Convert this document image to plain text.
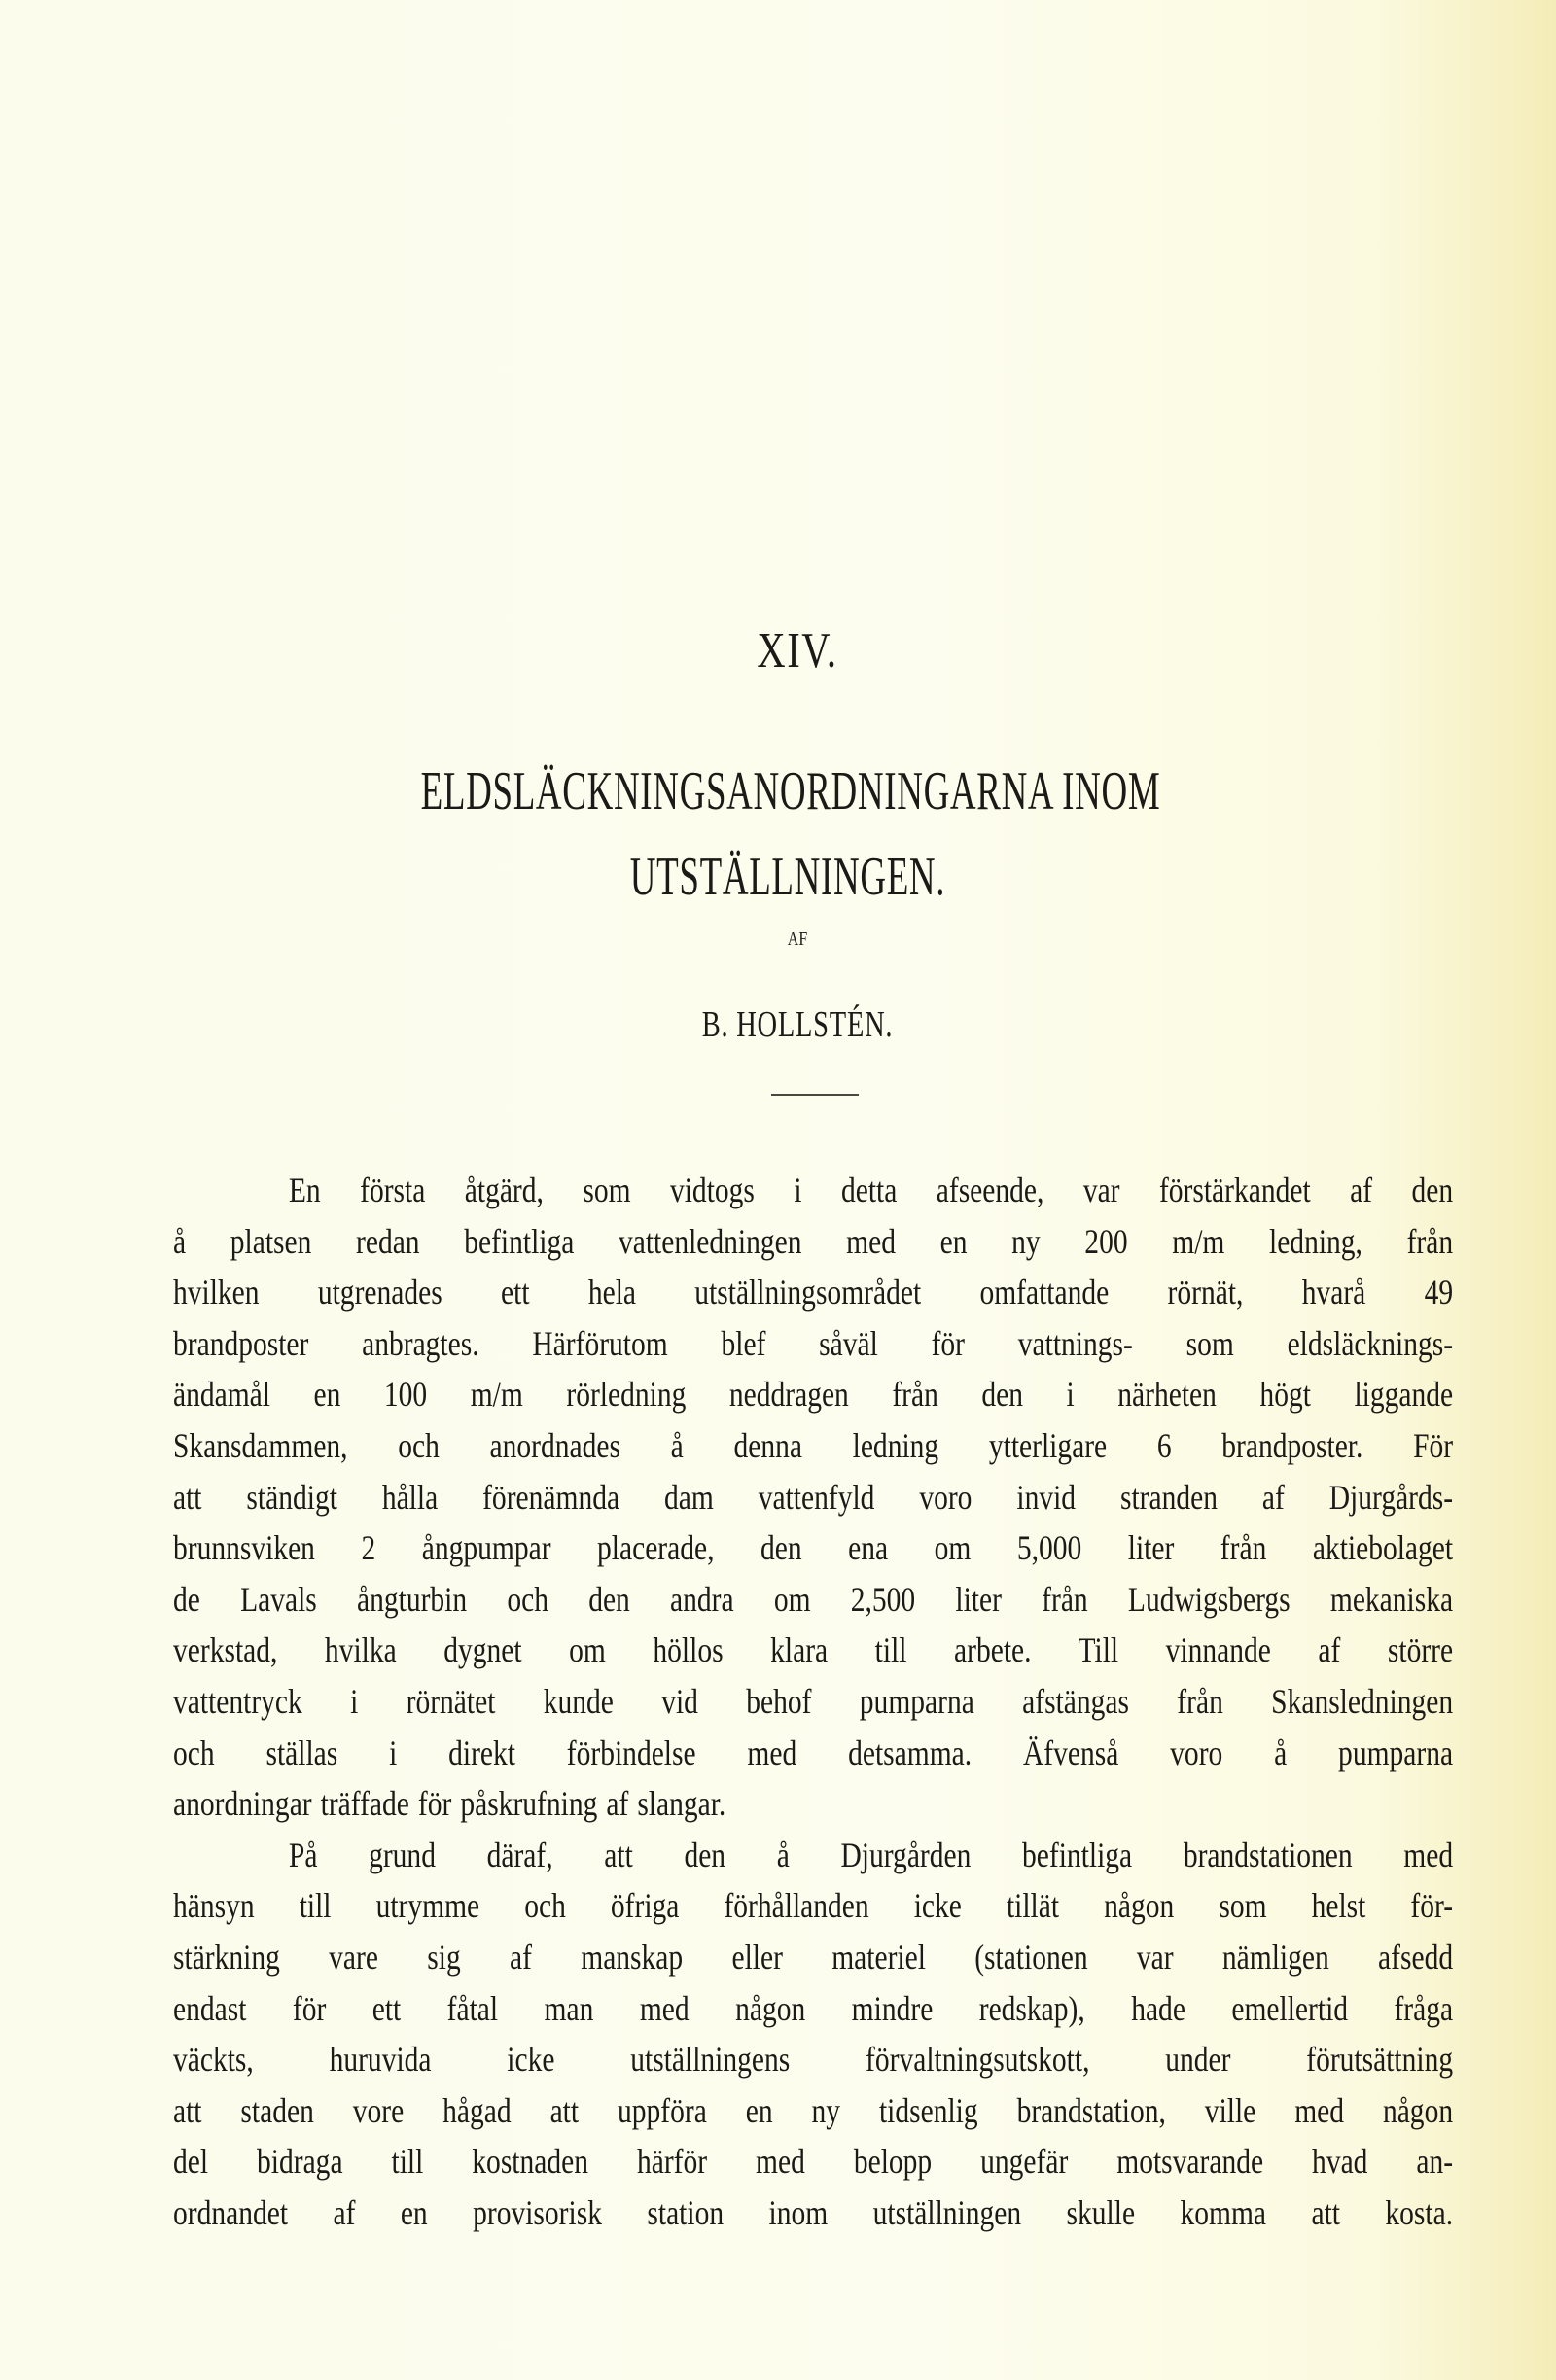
XIV.
ELDSLÄCKNINGSANORDNINGARNA INOM
UTSTÄLLNINGEN.
AF
B. HOLLSTÉN.
En första åtgärd, som vidtogs i detta afseende, var förstärkandet af den
å platsen redan befintliga vattenledningen med en ny 200 m/m ledning, från
hvilken utgrenades ett hela utställningsområdet omfattande rörnät, hvarå 49
brandposter anbragtes. Härförutom blef såväl för vattnings- som eldsläcknings-
ändamål en 100 m/m rörledning neddragen från den i närheten högt liggande
Skansdammen, och anordnades å denna ledning ytterligare 6 brandposter. För
att ständigt hålla förenämnda dam vattenfyld voro invid stranden af Djurgårds-
brunnsviken 2 ångpumpar placerade, den ena om 5,000 liter från aktiebolaget
de Lavals ångturbin och den andra om 2,500 liter från Ludwigsbergs mekaniska
verkstad, hvilka dygnet om höllos klara till arbete. Till vinnande af större
vattentryck i rörnätet kunde vid behof pumparna afstängas från Skansledningen
och ställas i direkt förbindelse med detsamma. Äfvenså voro å pumparna
anordningar träffade för påskrufning af slangar.
På grund däraf, att den å Djurgården befintliga brandstationen med
hänsyn till utrymme och öfriga förhållanden icke tillät någon som helst för-
stärkning vare sig af manskap eller materiel (stationen var nämligen afsedd
endast för ett fåtal man med någon mindre redskap), hade emellertid fråga
väckts, huruvida icke utställningens förvaltningsutskott, under förutsättning
att staden vore hågad att uppföra en ny tidsenlig brandstation, ville med någon
del bidraga till kostnaden härför med belopp ungefär motsvarande hvad an-
ordnandet af en provisorisk station inom utställningen skulle komma att kosta.
